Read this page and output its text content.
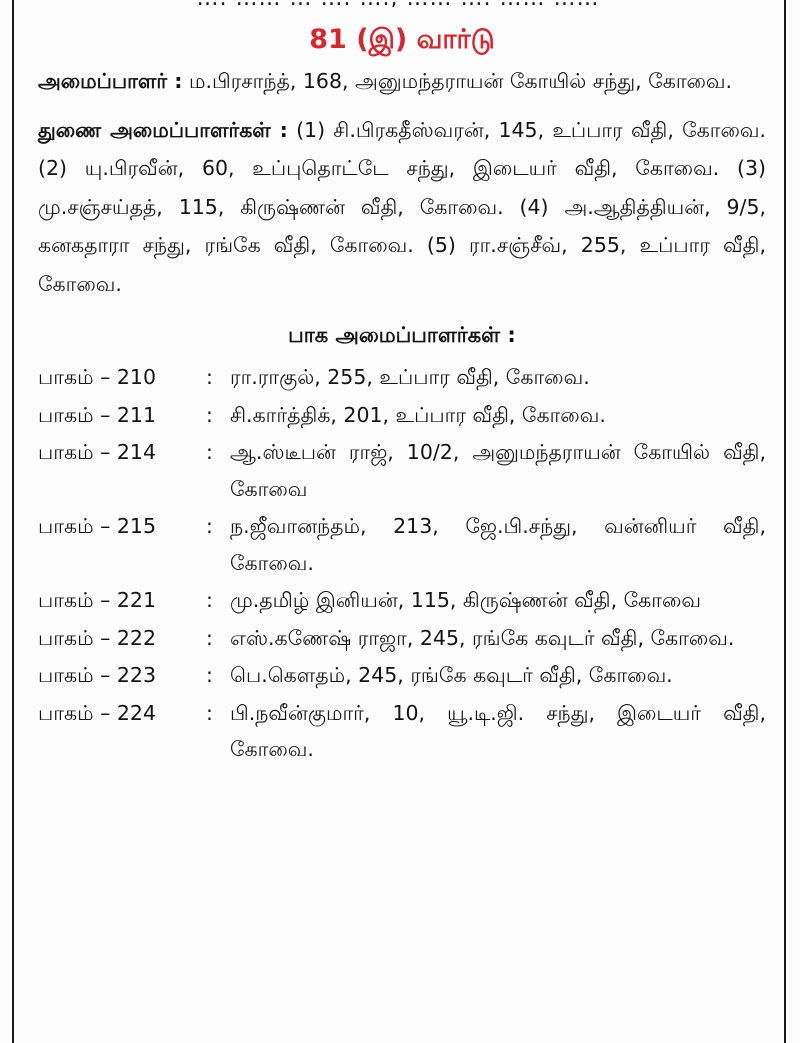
81 (இ) வார்டு

அமைப்பாளர் : ம.பிரசாந்த், 168, அனுமந்தராயன் கோயில் சந்து, கோவை.

துணை அமைப்பாளர்கள் : (1) சி.பிரகதீஸ்வரன், 145, உப்பார வீதி, கோவை. (2) யு.பிரவீன், 60, உப்புதொட்டே சந்து, இடையர் வீதி, கோவை. (3) மு.சஞ்சய்தத், 115, கிருஷ்ணன் வீதி, கோவை. (4) அ.ஆதித்தியன், 9/5, கனகதாரா சந்து, ரங்கே வீதி, கோவை. (5) ரா.சஞ்சீவ், 255, உப்பார வீதி, கோவை.

பாக அமைப்பாளர்கள் :
பாகம் – 210	: ரா.ராகுல், 255, உப்பார வீதி, கோவை.
பாகம் – 211	: சி.கார்த்திக், 201, உப்பார வீதி, கோவை.
பாகம் – 214	: ஆ.ஸ்டீபன் ராஜ், 10/2, அனுமந்தராயன் கோயில் வீதி, கோவை
பாகம் – 215	: ந.ஜீவானந்தம், 213, ஜே.பி.சந்து, வன்னியர் வீதி, கோவை.
பாகம் – 221	: மு.தமிழ் இனியன், 115, கிருஷ்ணன் வீதி, கோவை
பாகம் – 222	: எஸ்.கணேஷ் ராஜா, 245, ரங்கே கவுடர் வீதி, கோவை.
பாகம் – 223	: பெ.கௌதம், 245, ரங்கே கவுடர் வீதி, கோவை.
பாகம் – 224	: பி.நவீன்குமார், 10, யூ.டி.ஜி. சந்து, இடையர் வீதி, கோவை.
